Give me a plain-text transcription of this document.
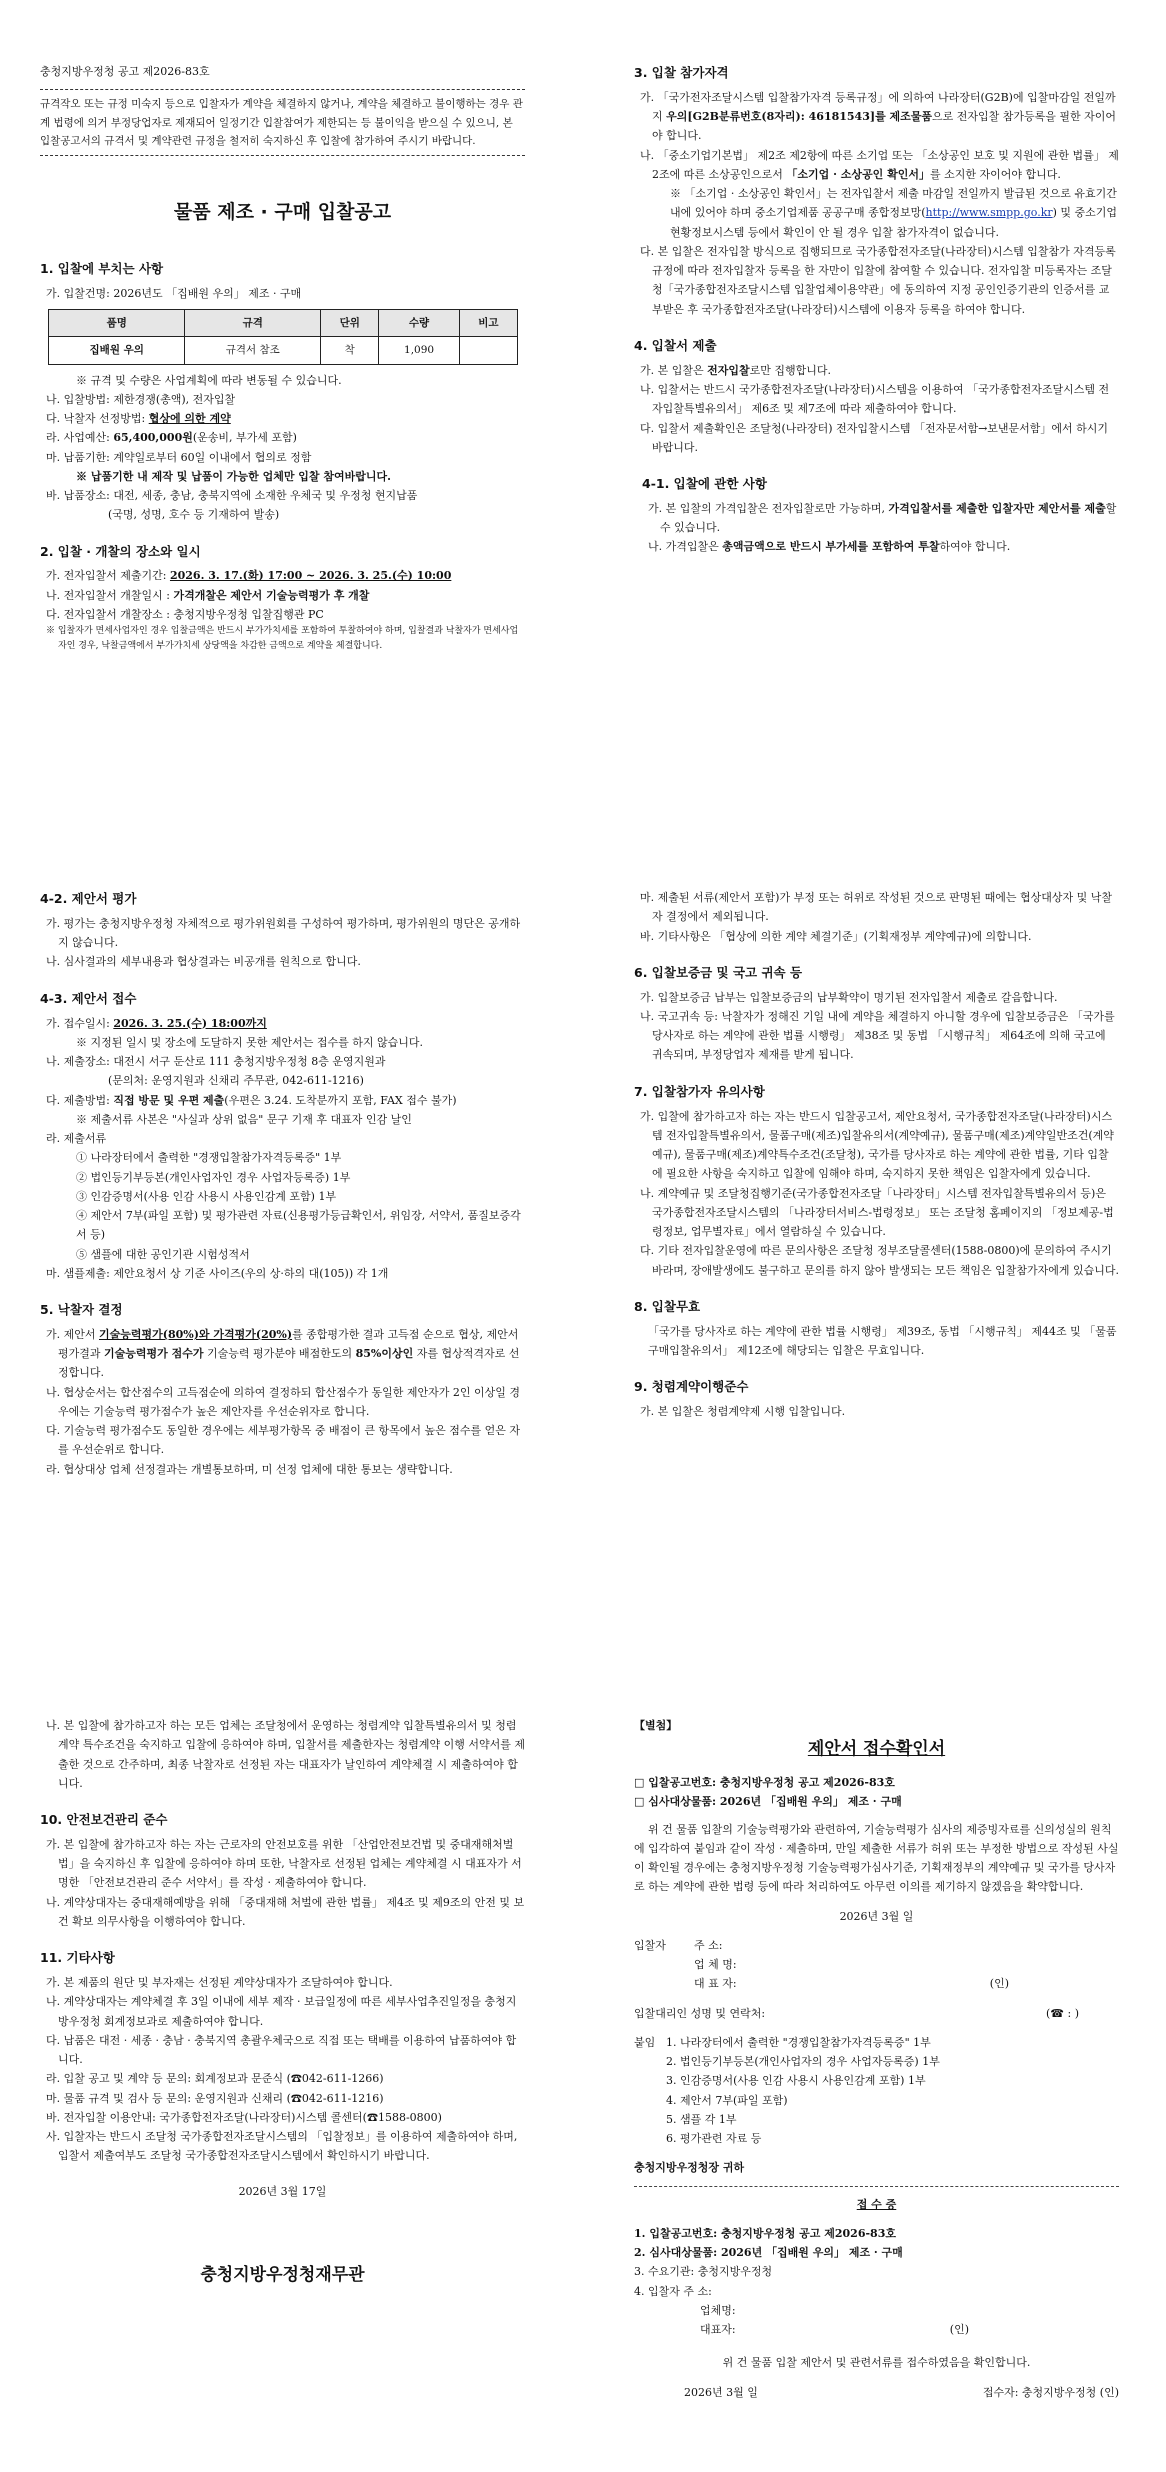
충청지방우정청 공고 제2026-83호

규격작오 또는 규정 미숙지 등으로 입찰자가 계약을 체결하지 않거나, 계약을 체결하고 불이행하는 경우 관계 법령에 의거 부정당업자로 제재되어 일정기간 입찰참여가 제한되는 등 불이익을 받으실 수 있으니, 본 입찰공고서의 규격서 및 계약관련 규정을 철저히 숙지하신 후 입찰에 참가하여 주시기 바랍니다.

물품 제조 · 구매 입찰공고

1. 입찰에 부치는 사항

가. 입찰건명: 2026년도 「집배원 우의」 제조 · 구매

품명	규격	단위	수량	비고
집배원 우의	규격서 참조	착	1,090	

※ 규격 및 수량은 사업계획에 따라 변동될 수 있습니다.

나. 입찰방법: 제한경쟁(총액), 전자입찰

다. 낙찰자 선정방법: 협상에 의한 계약

라. 사업예산: 65,400,000원(운송비, 부가세 포함)

마. 납품기한: 계약일로부터 60일 이내에서 협의로 정함

※ 납품기한 내 제작 및 납품이 가능한 업체만 입찰 참여바랍니다.

바. 납품장소: 대전, 세종, 충남, 충북지역에 소재한 우체국 및 우정청 현지납품

(국명, 성명, 호수 등 기재하여 발송)

2. 입찰 · 개찰의 장소와 일시

가. 전자입찰서 제출기간: 2026. 3. 17.(화) 17:00 ~ 2026. 3. 25.(수) 10:00

나. 전자입찰서 개찰일시 : 가격개찰은 제안서 기술능력평가 후 개찰

다. 전자입찰서 개찰장소 : 충청지방우정청 입찰집행관 PC

※ 입찰자가 면세사업자인 경우 입찰금액은 반드시 부가가치세를 포함하여 투찰하여야 하며, 입찰결과 낙찰자가 면세사업자인 경우, 낙찰금액에서 부가가치세 상당액을 차감한 금액으로 계약을 체결합니다.

3. 입찰 참가자격

가. 「국가전자조달시스템 입찰참가자격 등록규정」에 의하여 나라장터(G2B)에 입찰마감일 전일까지 우의[G2B분류번호(8자리): 46181543]를 제조물품으로 전자입찰 참가등록을 필한 자이어야 합니다.

나. 「중소기업기본법」 제2조 제2항에 따른 소기업 또는 「소상공인 보호 및 지원에 관한 법률」 제2조에 따른 소상공인으로서 「소기업 · 소상공인 확인서」를 소지한 자이어야 합니다.

※ 「소기업 · 소상공인 확인서」는 전자입찰서 제출 마감일 전일까지 발급된 것으로 유효기간 내에 있어야 하며 중소기업제품 공공구매 종합정보망(http://www.smpp.go.kr) 및 중소기업현황정보시스템 등에서 확인이 안 될 경우 입찰 참가자격이 없습니다.

다. 본 입찰은 전자입찰 방식으로 집행되므로 국가종합전자조달(나라장터)시스템 입찰참가 자격등록규정에 따라 전자입찰자 등록을 한 자만이 입찰에 참여할 수 있습니다. 전자입찰 미등록자는 조달청「국가종합전자조달시스템 입찰업체이용약관」에 동의하여 지정 공인인증기관의 인증서를 교부받은 후 국가종합전자조달(나라장터)시스템에 이용자 등록을 하여야 합니다.

4. 입찰서 제출

가. 본 입찰은 전자입찰로만 집행합니다.

나. 입찰서는 반드시 국가종합전자조달(나라장터)시스템을 이용하여 「국가종합전자조달시스템 전자입찰특별유의서」 제6조 및 제7조에 따라 제출하여야 합니다.

다. 입찰서 제출확인은 조달청(나라장터) 전자입찰시스템 「전자문서함→보낸문서함」에서 하시기 바랍니다.

4-1. 입찰에 관한 사항

가. 본 입찰의 가격입찰은 전자입찰로만 가능하며, 가격입찰서를 제출한 입찰자만 제안서를 제출할 수 있습니다.

나. 가격입찰은 총액금액으로 반드시 부가세를 포함하여 투찰하여야 합니다.

4-2. 제안서 평가

가. 평가는 충청지방우정청 자체적으로 평가위원회를 구성하여 평가하며, 평가위원의 명단은 공개하지 않습니다.

나. 심사결과의 세부내용과 협상결과는 비공개를 원칙으로 합니다.

4-3. 제안서 접수

가. 접수일시: 2026. 3. 25.(수) 18:00까지

※ 지정된 일시 및 장소에 도달하지 못한 제안서는 접수를 하지 않습니다.

나. 제출장소: 대전시 서구 둔산로 111 충청지방우정청 8층 운영지원과

(문의처: 운영지원과 신채리 주무관, 042-611-1216)

다. 제출방법: 직접 방문 및 우편 제출(우편은 3.24. 도착분까지 포함, FAX 접수 불가)

※ 제출서류 사본은 "사실과 상위 없음" 문구 기재 후 대표자 인감 날인

라. 제출서류

① 나라장터에서 출력한 "경쟁입찰참가자격등록증" 1부

② 법인등기부등본(개인사업자인 경우 사업자등록증) 1부

③ 인감증명서(사용 인감 사용시 사용인감계 포함) 1부

④ 제안서 7부(파일 포함) 및 평가관련 자료(신용평가등급확인서, 위임장, 서약서, 품질보증각서 등)

⑤ 샘플에 대한 공인기관 시험성적서

마. 샘플제출: 제안요청서 상 기준 사이즈(우의 상·하의 대(105)) 각 1개

5. 낙찰자 결정

가. 제안서 기술능력평가(80%)와 가격평가(20%)를 종합평가한 결과 고득점 순으로 협상, 제안서 평가결과 기술능력평가 점수가 기술능력 평가분야 배점한도의 85%이상인 자를 협상적격자로 선정합니다.

나. 협상순서는 합산점수의 고득점순에 의하여 결정하되 합산점수가 동일한 제안자가 2인 이상일 경우에는 기술능력 평가점수가 높은 제안자를 우선순위자로 합니다.

다. 기술능력 평가점수도 동일한 경우에는 세부평가항목 중 배점이 큰 항목에서 높은 점수를 얻은 자를 우선순위로 합니다.

라. 협상대상 업체 선정결과는 개별통보하며, 미 선정 업체에 대한 통보는 생략합니다.

마. 제출된 서류(제안서 포함)가 부정 또는 허위로 작성된 것으로 판명된 때에는 협상대상자 및 낙찰자 결정에서 제외됩니다.

바. 기타사항은 「협상에 의한 계약 체결기준」(기획재정부 계약예규)에 의합니다.

6. 입찰보증금 및 국고 귀속 등

가. 입찰보증금 납부는 입찰보증금의 납부확약이 명기된 전자입찰서 제출로 갈음합니다.

나. 국고귀속 등: 낙찰자가 정해진 기일 내에 계약을 체결하지 아니할 경우에 입찰보증금은 「국가를 당사자로 하는 계약에 관한 법률 시행령」 제38조 및 동법 「시행규칙」 제64조에 의해 국고에 귀속되며, 부정당업자 제재를 받게 됩니다.

7. 입찰참가자 유의사항

가. 입찰에 참가하고자 하는 자는 반드시 입찰공고서, 제안요청서, 국가종합전자조달(나라장터)시스템 전자입찰특별유의서, 물품구매(제조)입찰유의서(계약예규), 물품구매(제조)계약일반조건(계약예규), 물품구매(제조)계약특수조건(조달청), 국가를 당사자로 하는 계약에 관한 법률, 기타 입찰에 필요한 사항을 숙지하고 입찰에 임해야 하며, 숙지하지 못한 책임은 입찰자에게 있습니다.

나. 계약예규 및 조달청집행기준(국가종합전자조달「나라장터」시스템 전자입찰특별유의서 등)은 국가종합전자조달시스템의 「나라장터서비스-법령정보」 또는 조달청 홈페이지의 「정보제공-법령정보, 업무별자료」에서 열람하실 수 있습니다.

다. 기타 전자입찰운영에 따른 문의사항은 조달청 정부조달콜센터(1588-0800)에 문의하여 주시기 바라며, 장애발생에도 불구하고 문의를 하지 않아 발생되는 모든 책임은 입찰참가자에게 있습니다.

8. 입찰무효

「국가를 당사자로 하는 계약에 관한 법률 시행령」 제39조, 동법 「시행규칙」 제44조 및 「물품구매입찰유의서」 제12조에 해당되는 입찰은 무효입니다.

9. 청렴계약이행준수

가. 본 입찰은 청렴계약제 시행 입찰입니다.

나. 본 입찰에 참가하고자 하는 모든 업체는 조달청에서 운영하는 청렴계약 입찰특별유의서 및 청렴계약 특수조건을 숙지하고 입찰에 응하여야 하며, 입찰서를 제출한자는 청렴계약 이행 서약서를 제출한 것으로 간주하며, 최종 낙찰자로 선정된 자는 대표자가 날인하여 계약체결 시 제출하여야 합니다.

10. 안전보건관리 준수

가. 본 입찰에 참가하고자 하는 자는 근로자의 안전보호를 위한 「산업안전보건법 및 중대재해처벌법」을 숙지하신 후 입찰에 응하여야 하며 또한, 낙찰자로 선정된 업체는 계약체결 시 대표자가 서명한 「안전보건관리 준수 서약서」를 작성 · 제출하여야 합니다.

나. 계약상대자는 중대재해예방을 위해 「중대재해 처벌에 관한 법률」 제4조 및 제9조의 안전 및 보건 확보 의무사항을 이행하여야 합니다.

11. 기타사항

가. 본 제품의 원단 및 부자재는 선정된 계약상대자가 조달하여야 합니다.

나. 계약상대자는 계약체결 후 3일 이내에 세부 제작 · 보급일정에 따른 세부사업추진일정을 충청지방우정청 회계정보과로 제출하여야 합니다.

다. 납품은 대전 · 세종 · 충남 · 충북지역 총괄우체국으로 직접 또는 택배를 이용하여 납품하여야 합니다.

라. 입찰 공고 및 계약 등 문의: 회계정보과 문준식 (☎042-611-1266)

마. 물품 규격 및 검사 등 문의: 운영지원과 신채리 (☎042-611-1216)

바. 전자입찰 이용안내: 국가종합전자조달(나라장터)시스템 콜센터(☎1588-0800)

사. 입찰자는 반드시 조달청 국가종합전자조달시스템의 「입찰정보」를 이용하여 제출하여야 하며, 입찰서 제출여부도 조달청 국가종합전자조달시스템에서 확인하시기 바랍니다.

2026년 3월 17일

충청지방우정청재무관

【별첨】

제안서 접수확인서

□ 입찰공고번호: 충청지방우정청 공고 제2026-83호

□ 심사대상물품: 2026년 「집배원 우의」 제조 · 구매

위 건 물품 입찰의 기술능력평가와 관련하여, 기술능력평가 심사의 제증빙자료를 신의성실의 원칙에 입각하여 붙임과 같이 작성 · 제출하며, 만일 제출한 서류가 허위 또는 부정한 방법으로 작성된 사실이 확인될 경우에는 충청지방우정청 기술능력평가심사기준, 기획재정부의 계약예규 및 국가를 당사자로 하는 계약에 관한 법령 등에 따라 처리하여도 아무런 이의를 제기하지 않겠음을 확약합니다.

2026년 3월 일

입찰자	주 소:
업 체 명:
대 표 자:	(인)
입찰대리인 성명 및 연락처:	(☎ : )
붙임 1. 나라장터에서 출력한 "경쟁입찰참가자격등록증" 1부

2. 법인등기부등본(개인사업자의 경우 사업자등록증) 1부

3. 인감증명서(사용 인감 사용시 사용인감계 포함) 1부

4. 제안서 7부(파일 포함)

5. 샘플 각 1부

6. 평가관련 자료 등

충청지방우정청장 귀하

접 수 증

1. 입찰공고번호: 충청지방우정청 공고 제2026-83호

2. 심사대상물품: 2026년 「집배원 우의」 제조 · 구매

3. 수요기관: 충청지방우정청

4. 입찰자 주 소:

업체명:

대표자:	(인)

위 건 물품 입찰 제안서 및 관련서류를 접수하였음을 확인합니다.

2026년 3월 일	접수자: 충청지방우정청 (인)
